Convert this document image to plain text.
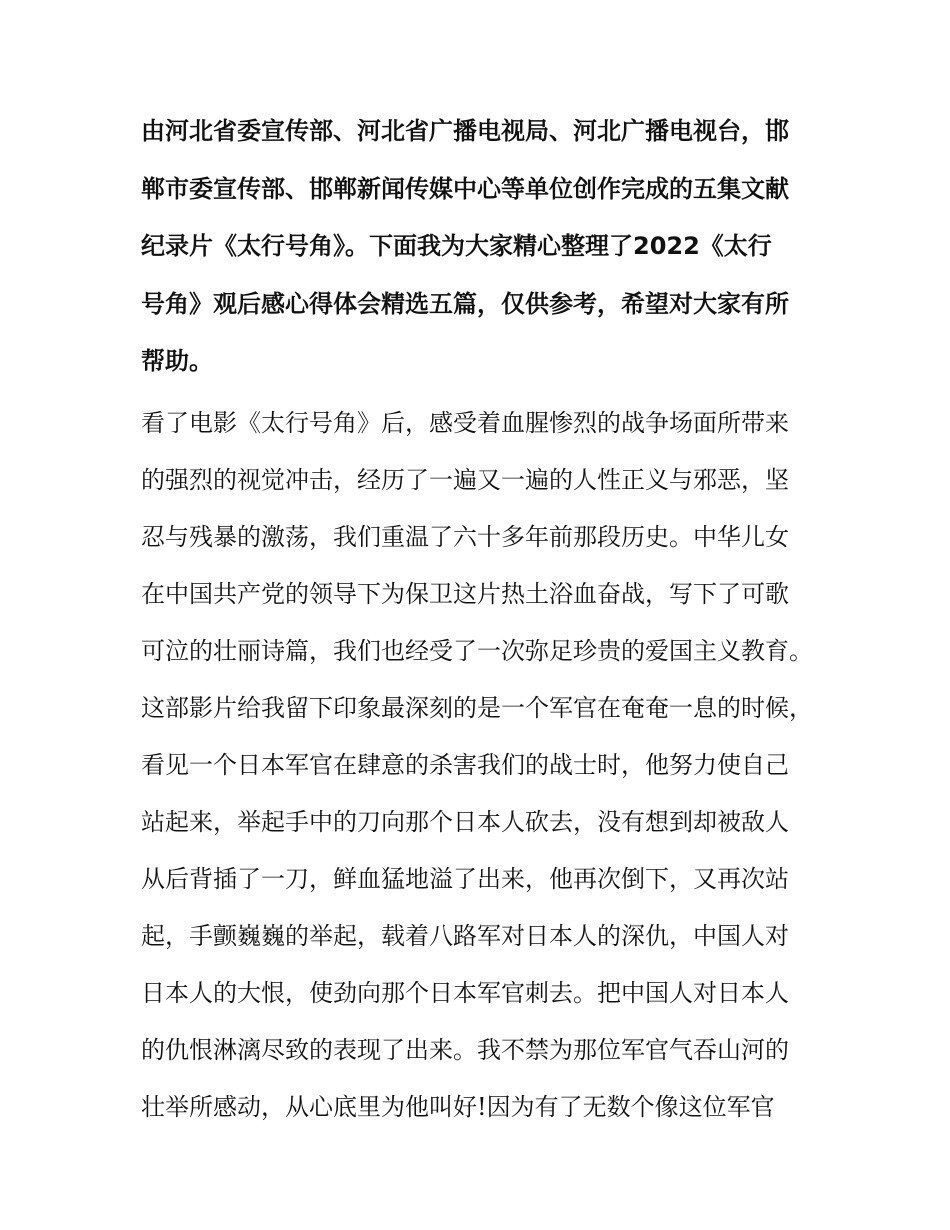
由河北省委宣传部、河北省广播电视局、河北广播电视台，邯
郸市委宣传部、邯郸新闻传媒中心等单位创作完成的五集文献
纪录片《太行号角》。下面我为大家精心整理了2022《太行
号角》观后感心得体会精选五篇，仅供参考，希望对大家有所
帮助。
看了电影《太行号角》后，感受着血腥惨烈的战争场面所带来
的强烈的视觉冲击，经历了一遍又一遍的人性正义与邪恶，坚
忍与残暴的激荡，我们重温了六十多年前那段历史。中华儿女
在中国共产党的领导下为保卫这片热土浴血奋战，写下了可歌
可泣的壮丽诗篇，我们也经受了一次弥足珍贵的爱国主义教育。
这部影片给我留下印象最深刻的是一个军官在奄奄一息的时候，
看见一个日本军官在肆意的杀害我们的战士时，他努力使自己
站起来，举起手中的刀向那个日本人砍去，没有想到却被敌人
从后背插了一刀，鲜血猛地溢了出来，他再次倒下，又再次站
起，手颤巍巍的举起，载着八路军对日本人的深仇，中国人对
日本人的大恨，使劲向那个日本军官刺去。把中国人对日本人
的仇恨淋漓尽致的表现了出来。我不禁为那位军官气吞山河的
壮举所感动，从心底里为他叫好!因为有了无数个像这位军官
